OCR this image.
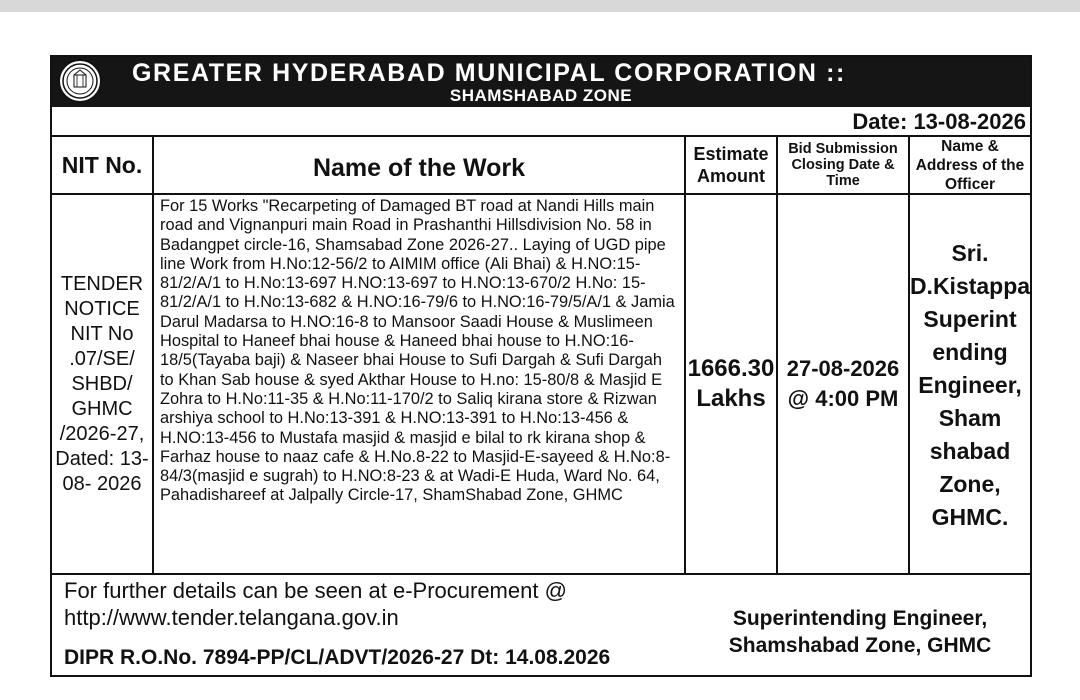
GREATER HYDERABAD MUNICIPAL CORPORATION ::
SHAMSHABAD ZONE
Date: 13-08-2026
NIT No.	Name of the Work	Estimate Amount
Bid Submission Closing Date & Time
Name & Address of the Officer
TENDER NOTICE NIT No .07/SE/ SHBD/ GHMC /2026-27, Dated: 13-08- 2026
For 15 Works "Recarpeting of Damaged BT road at Nandi Hills main road and Vignanpuri main Road in Prashanthi Hillsdivision No. 58 in Badangpet circle-16, Shamsabad Zone 2026-27.. Laying of UGD pipe line Work from H.No:12-56/2 to AIMIM office (Ali Bhai) & H.NO:15-81/2/A/1 to H.No:13-697 H.NO:13-697 to H.NO:13-670/2 H.No: 15-81/2/A/1 to H.No:13-682 & H.NO:16-79/6 to H.NO:16-79/5/A/1 & Jamia Darul Madarsa to H.NO:16-8 to Mansoor Saadi House & Muslimeen Hospital to Haneef bhai house & Haneed bhai house to H.NO:16-18/5(Tayaba baji) & Naseer bhai House to Sufi Dargah & Sufi Dargah to Khan Sab house & syed Akthar House to H.no: 15-80/8 & Masjid E Zohra to H.No:11-35 & H.No:11-170/2 to Saliq kirana store & Rizwan arshiya school to H.No:13-391 & H.NO:13-391 to H.No:13-456 & H.NO:13-456 to Mustafa masjid & masjid e bilal to rk kirana shop & Farhaz house to naaz cafe & H.No.8-22 to Masjid-E-sayeed & H.No:8-84/3(masjid e sugrah) to H.NO:8-23 & at Wadi-E Huda, Ward No. 64, Pahadishareef at Jalpally Circle-17, ShamShabad Zone, GHMC
1666.30 Lakhs
27-08-2026 @ 4:00 PM
Sri. D.Kistappa Superint ending Engineer, Sham shabad Zone, GHMC.
For further details can be seen at e-Procurement @ http://www.tender.telangana.gov.in
DIPR R.O.No. 7894-PP/CL/ADVT/2026-27 Dt: 14.08.2026
Superintending Engineer,
Shamshabad Zone, GHMC
